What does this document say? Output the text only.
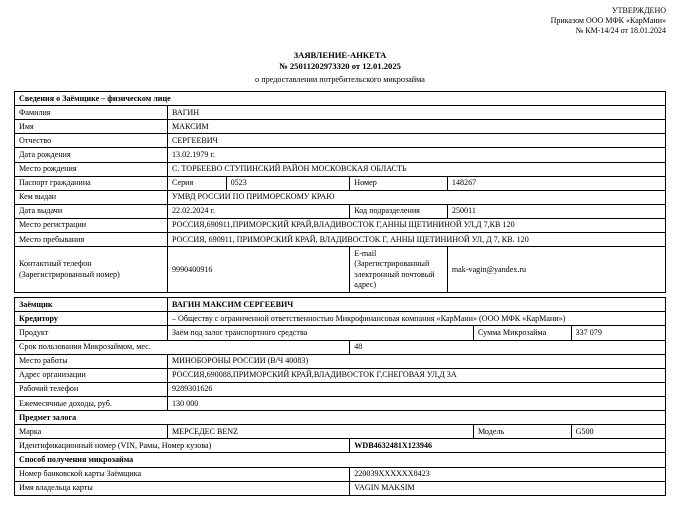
УТВЕРЖДЕНО
Приказом ООО МФК «КарМани»
№ КМ-14/24 от 18.01.2024
ЗАЯВЛЕНИЕ-АНКЕТА
№ 25011202973320 от 12.01.2025
о предоставлении потребительского микрозайма
Сведения о Заёмщике – физическом лице				
Фамилия	ВАГИН			
Имя	МАКСИМ			
Отчество	СЕРГЕЕВИЧ			
Дата рождения	13.02.1979 г.			
Место рождения	С. ТОРБЕЕВО СТУПИНСКИЙ РАЙОН МОСКОВСКАЯ ОБЛАСТЬ			
Паспорт гражданина	Серия	0523	Номер	148267
Кем выдан	УМВД РОССИИ ПО ПРИМОРСКОМУ КРАЮ			
Дата выдачи	22.02.2024 г.		Код подразделения	250011
Место регистрации	РОССИЯ,690911,ПРИМОРСКИЙ КРАЙ,ВЛАДИВОСТОК Г,АННЫ ЩЕТИНИНОЙ УЛ,Д 7,КВ 120			
Место пребывания	РОССИЯ, 690911, ПРИМОРСКИЙ КРАЙ, ВЛАДИВОСТОК Г, АННЫ ЩЕТИНИНОЙ УЛ, Д 7, КВ. 120			
Контактный телефон
(Зарегистрированный номер)	9990400916		E-mail
(Зарегистрированный
электронный почтовый
адрес)	mak-vagin@yandex.ru
Заёмщик	ВАГИН МАКСИМ СЕРГЕЕВИЧ			
Кредитору	– Обществу с ограниченной ответственностью Микрофинансовая компания «КарМани» (ООО МФК «КарМани»)			
Продукт	Заём под залог транспортного средства		Сумма Микрозайма	337 079
Срок пользования Микрозаймом, мес.		48		
Место работы	МИНОБОРОНЫ РОССИИ (В/Ч 40083)			
Адрес организации	РОССИЯ,690088,ПРИМОРСКИЙ КРАЙ,ВЛАДИВОСТОК Г,СНЕГОВАЯ УЛ,Д 3А			
Рабочий телефон	9289301626			
Ежемесячные доходы, руб.	130 000			
Предмет залога				
Марка	МЕРСЕДЕС BENZ		Модель	G500
Идентификационный номер (VIN, Рамы, Номер кузова)		WDB4632481X123946		
Способ получения микрозайма				
Номер банковской карты Заёмщика		220039XXXXXX8423		
Имя владельца карты		VAGIN MAKSIM		
